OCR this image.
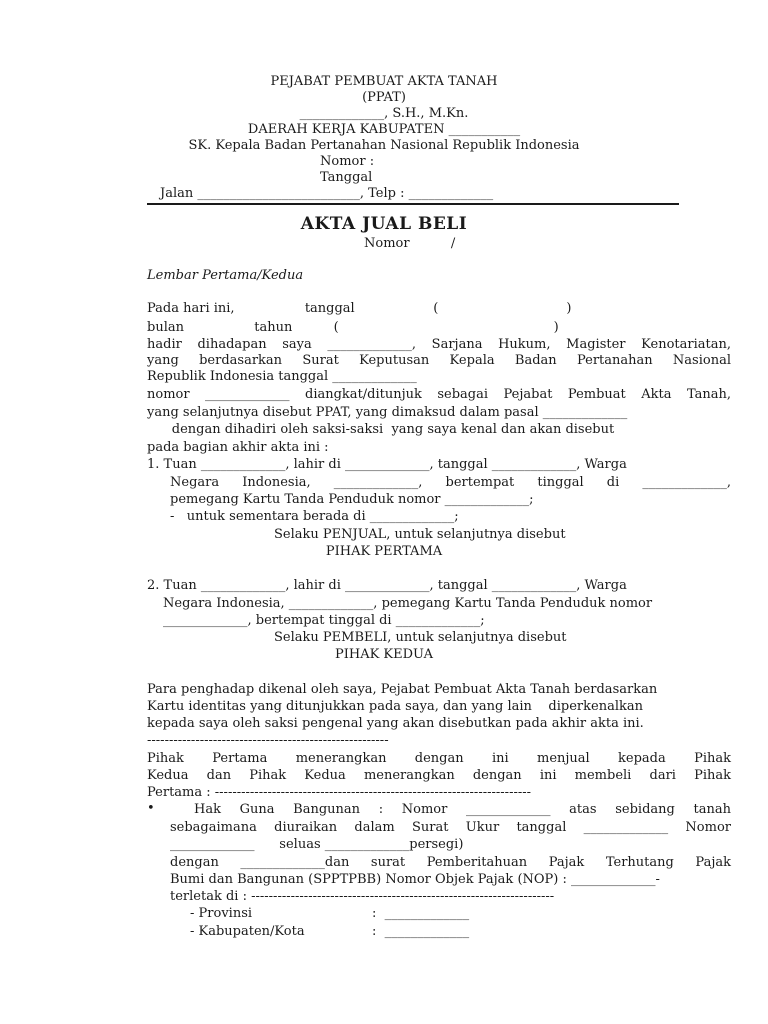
PEJABAT PEMBUAT AKTA TANAH
(PPAT)
_____________, S.H., M.Kn.
DAERAH KERJA KABUPATEN ___________
SK. Kepala Badan Pertanahan Nasional Republik Indonesia
Nomor :
Tanggal
Jalan _________________________, Telp : _____________
AKTA JUAL BELI
Nomor          /
Lembar Pertama/Kedua
Pada hari ini,                 tanggal                   (                               )
bulan                 tahun          (                                                    )
hadir dihadapan saya _____________, Sarjana Hukum, Magister Kenotariatan,
yang berdasarkan Surat Keputusan Kepala Badan Pertanahan Nasional
Republik Indonesia tanggal _____________
nomor _____________ diangkat/ditunjuk sebagai Pejabat Pembuat Akta Tanah,
yang selanjutnya disebut PPAT, yang dimaksud dalam pasal _____________
dengan dihadiri oleh saksi-saksi  yang saya kenal dan akan disebut
pada bagian akhir akta ini :
1. Tuan _____________, lahir di _____________, tanggal _____________, Warga
Negara Indonesia, _____________, bertempat tinggal di _____________,
pemegang Kartu Tanda Penduduk nomor _____________;
-   untuk sementara berada di _____________;
Selaku PENJUAL, untuk selanjutnya disebut
PIHAK PERTAMA
2. Tuan _____________, lahir di _____________, tanggal _____________, Warga
Negara Indonesia, _____________, pemegang Kartu Tanda Penduduk nomor
_____________, bertempat tinggal di _____________;
Selaku PEMBELI, untuk selanjutnya disebut
PIHAK KEDUA
Para penghadap dikenal oleh saya, Pejabat Pembuat Akta Tanah berdasarkan
Kartu identitas yang ditunjukkan pada saya, dan yang lain    diperkenalkan
kepada saya oleh saksi pengenal yang akan disebutkan pada akhir akta ini.
-------------------------------------------------------
Pihak Pertama menerangkan dengan ini menjual kepada Pihak
Kedua dan Pihak Kedua menerangkan dengan ini membeli dari Pihak
Pertama : ------------------------------------------------------------------------
•	Hak Guna Bangunan : Nomor _____________ atas sebidang tanah
sebagaimana diuraikan dalam Surat Ukur tanggal _____________ Nomor
_____________      seluas _____________persegi)
dengan _____________dan surat Pemberitahuan Pajak Terhutang Pajak
Bumi dan Bangunan (SPPTPBB) Nomor Objek Pajak (NOP) : _____________-
terletak di : ---------------------------------------------------------------------
- Provinsi	:  _____________
- Kabupaten/Kota	:  _____________
